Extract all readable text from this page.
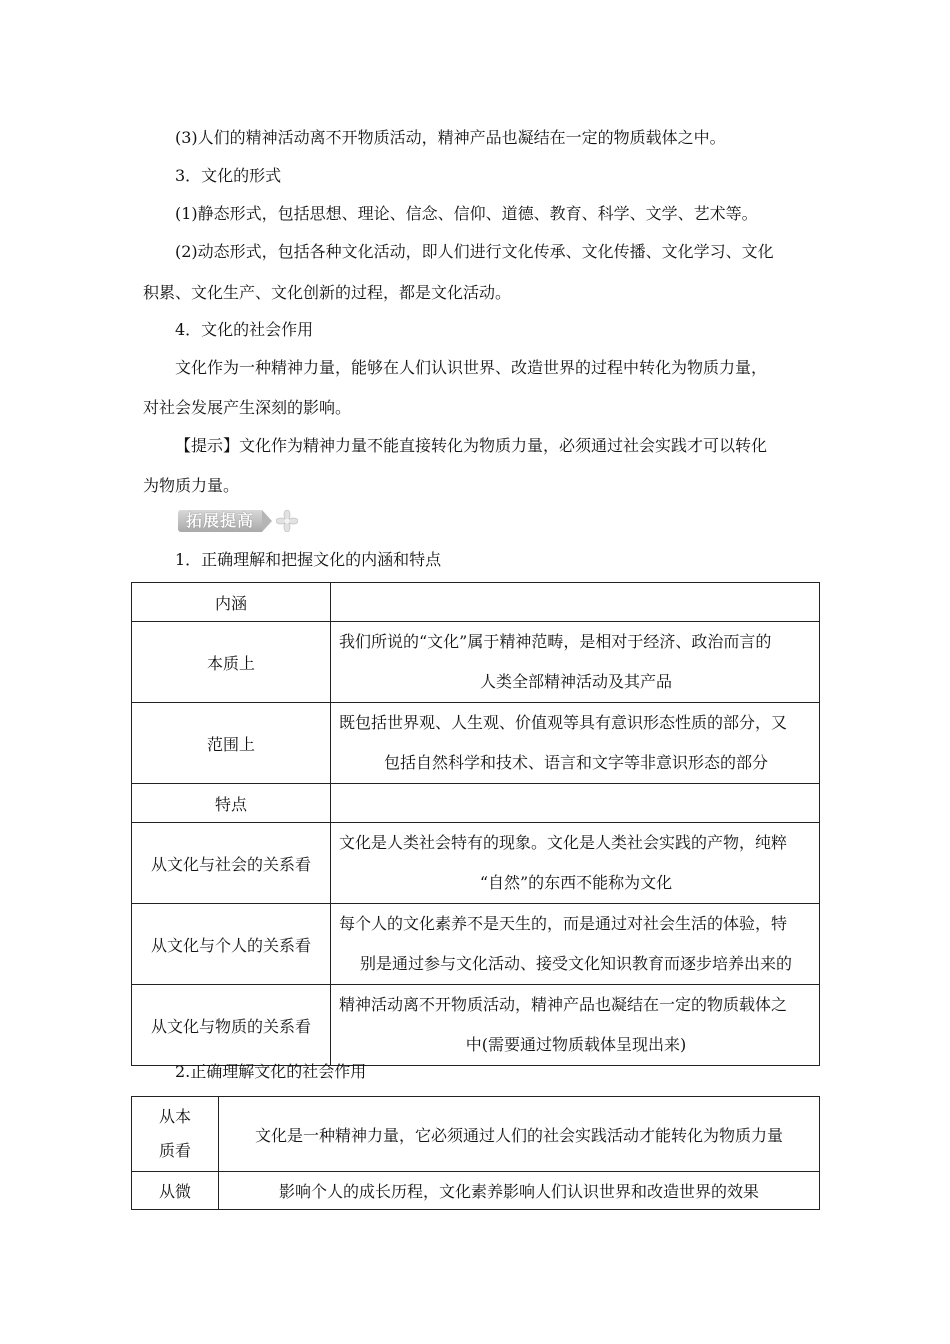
(3)人们的精神活动离不开物质活动，精神产品也凝结在一定的物质载体之中。
3．文化的形式
(1)静态形式，包括思想、理论、信念、信仰、道德、教育、科学、文学、艺术等。
(2)动态形式，包括各种文化活动，即人们进行文化传承、文化传播、文化学习、文化
积累、文化生产、文化创新的过程，都是文化活动。
4．文化的社会作用
文化作为一种精神力量，能够在人们认识世界、改造世界的过程中转化为物质力量，
对社会发展产生深刻的影响。
【提示】文化作为精神力量不能直接转化为物质力量，必须通过社会实践才可以转化
为物质力量。
拓展提高
1．正确理解和把握文化的内涵和特点
内涵	
本质上	我们所说的“文化”属于精神范畴，是相对于经济、政治而言的
人类全部精神活动及其产品

范围上	既包括世界观、人生观、价值观等具有意识形态性质的部分，又
包括自然科学和技术、语言和文字等非意识形态的部分

特点	
从文化与社会的关系看	文化是人类社会特有的现象。文化是人类社会实践的产物，纯粹
“自然”的东西不能称为文化

从文化与个人的关系看	每个人的文化素养不是天生的，而是通过对社会生活的体验，特
别是通过参与文化活动、接受文化知识教育而逐步培养出来的

从文化与物质的关系看	精神活动离不开物质活动，精神产品也凝结在一定的物质载体之
中(需要通过物质载体呈现出来)
2.正确理解文化的社会作用
从本
质看	文化是一种精神力量，它必须通过人们的社会实践活动才能转化为物质力量
从微	影响个人的成长历程，文化素养影响人们认识世界和改造世界的效果
